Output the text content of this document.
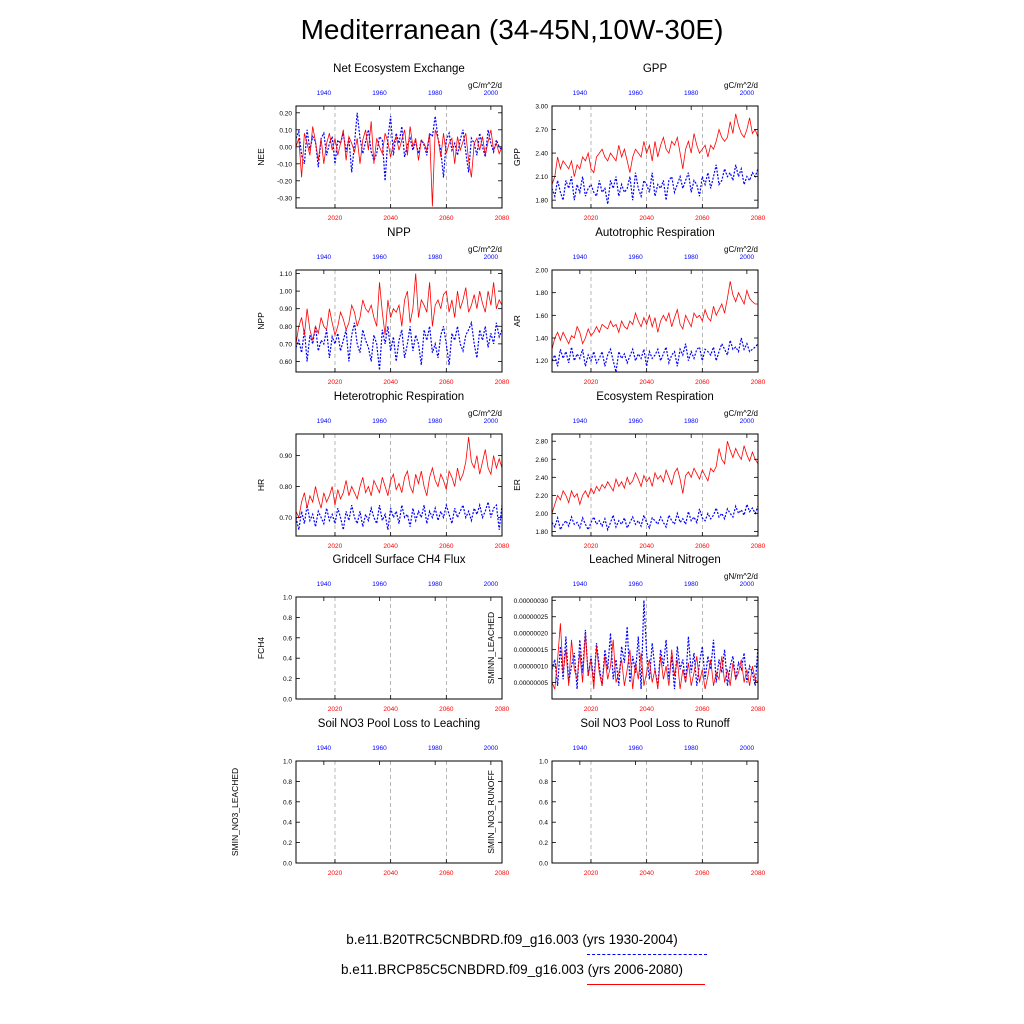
Mediterranean (34-45N,10W-30E)
Net Ecosystem Exchange
gC/m^2/d
NEE
0.20
0.10
0.00
-0.10
-0.20
-0.30
2020	2040	2060	2080
1940	1960	1980	2000
GPP
gC/m^2/d
GPP
3.00
2.70
2.40
2.10
1.80
2020	2040	2060	2080
1940	1960	1980	2000
NPP
gC/m^2/d
NPP
1.10
1.00
0.90
0.80
0.70
0.60
2020	2040	2060	2080
1940	1960	1980	2000
Autotrophic Respiration
gC/m^2/d
AR
2.00
1.80
1.60
1.40
1.20
2020	2040	2060	2080
1940	1960	1980	2000
Heterotrophic Respiration
gC/m^2/d
HR
0.90
0.80
0.70
2020	2040	2060	2080
1940	1960	1980	2000
Ecosystem Respiration
gC/m^2/d
ER
2.80
2.60
2.40
2.20
2.00
1.80
2020	2040	2060	2080
1940	1960	1980	2000
Gridcell Surface CH4 Flux
FCH4
1.0
0.8
0.6
0.4
0.2
0.0
2020	2040	2060	2080
1940	1960	1980	2000
Leached Mineral Nitrogen
gN/m^2/d
SMINN_LEACHED
0.00000030
0.00000025
0.00000020
0.00000015
0.00000010
0.00000005
2020	2040	2060	2080
1940	1960	1980	2000
Soil NO3 Pool Loss to Leaching
SMIN_NO3_LEACHED
1.0
0.8
0.6
0.4
0.2
0.0
2020	2040	2060	2080
1940	1960	1980	2000
Soil NO3 Pool Loss to Runoff
SMIN_NO3_RUNOFF
1.0
0.8
0.6
0.4
0.2
0.0
2020	2040	2060	2080
1940	1960	1980	2000
b.e11.B20TRC5CNBDRD.f09_g16.003 (yrs 1930-2004)
b.e11.BRCP85C5CNBDRD.f09_g16.003 (yrs 2006-2080)
